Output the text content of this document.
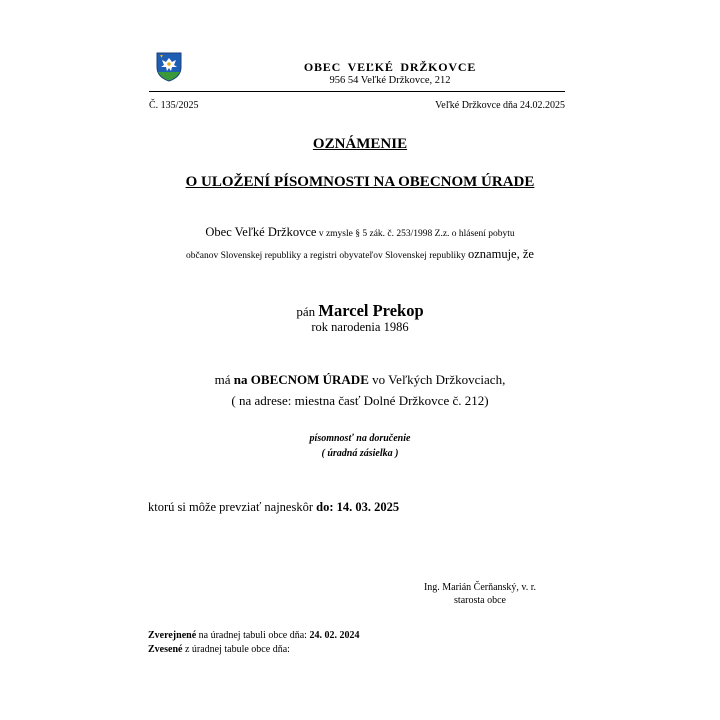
OBEC VEĽKÉ DRŽKOVCE
956 54 Veľké Držkovce, 212
Č. 135/2025	Veľké Držkovce dňa 24.02.2025
OZNÁMENIE
O ULOŽENÍ PÍSOMNOSTI NA OBECNOM ÚRADE
Obec Veľké Držkovce v zmysle § 5 zák. č. 253/1998 Z.z. o hlásení pobytu
občanov Slovenskej republiky a registri obyvateľov Slovenskej republiky oznamuje, že
pán Marcel Prekop
rok narodenia 1986
má na OBECNOM ÚRADE vo Veľkých Držkovciach,
( na adrese: miestna časť Dolné Držkovce č. 212)
písomnosť na doručenie
( úradná zásielka )
ktorú si môže prevziať najneskôr do: 14. 03. 2025
Ing. Marián Čerňanský, v. r.
starosta obce
Zverejnené na úradnej tabuli obce dňa: 24. 02. 2024
Zvesené z úradnej tabule obce dňa:
